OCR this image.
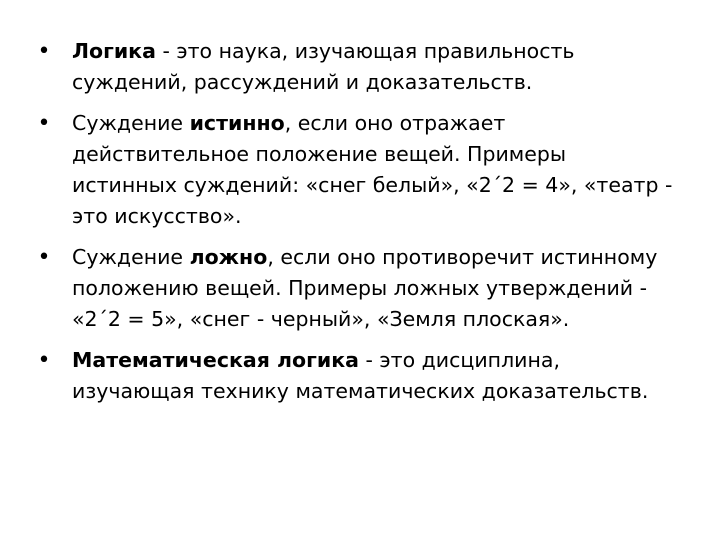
• Логика - это наука, изучающая правильность суждений, рассуждений и доказательств.
• Суждение истинно, если оно отражает действительное положение вещей. Примеры истинных суждений: «снег белый», «2´2 = 4», «театр - это искусство».
• Суждение ложно, если оно противоречит истинному положению вещей. Примеры ложных утверждений - «2´2 = 5», «снег - черный», «Земля плоская».
• Математическая логика - это дисциплина, изучающая технику математических доказательств.
